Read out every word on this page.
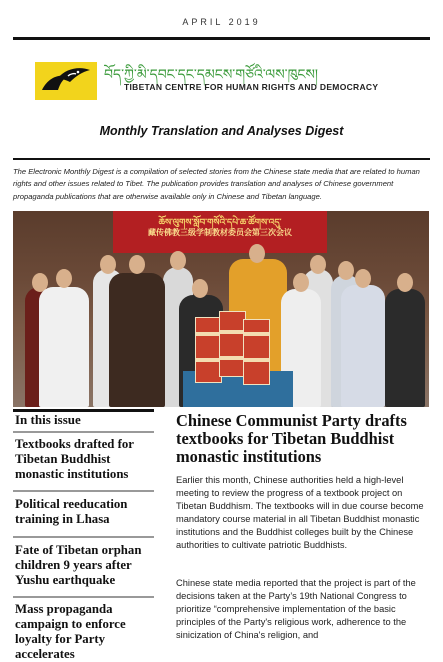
APRIL 2019
བོད་ཀྱི་མི་དབང་དང་དམངས་གཙོའི་ལས་ཁུངས།
TIBETAN CENTRE FOR HUMAN RIGHTS AND DEMOCRACY
Monthly Translation and Analyses Digest
The Electronic Monthly Digest is a compilation of selected stories from the Chinese state media that are related to human rights and other issues related to Tibet. The publication provides translation and analyses of Chinese government propaganda publications that are otherwise available only in Chinese and Tibetan language.
ཆོས་ལུགས་སློབ་གསོའི་དཔེ་ཆ་ཚོགས་འདུ་
藏传佛教三级学制教材委员会第三次会议
In this issue
Textbooks drafted for Tibetan Buddhist monastic institutions
Political reeducation training in Lhasa
Fate of Tibetan orphan children 9 years after Yushu earthquake
Mass propaganda campaign to enforce loyalty for Party accelerates
Chinese Communist Party drafts textbooks for Tibetan Buddhist monastic institutions
Earlier this month, Chinese authorities held a high-level meeting to review the progress of a textbook project on Tibetan Buddhism. The textbooks will in due course become mandatory course material in all Tibetan Buddhist monastic institutions and the Buddhist colleges built by the Chinese authorities to cultivate patriotic Buddhists.
Chinese state media reported that the project is part of the decisions taken at the Party’s 19th National Congress to prioritize “comprehensive implementation of the basic principles of the Party's religious work, adherence to the sinicization of China's religion, and
